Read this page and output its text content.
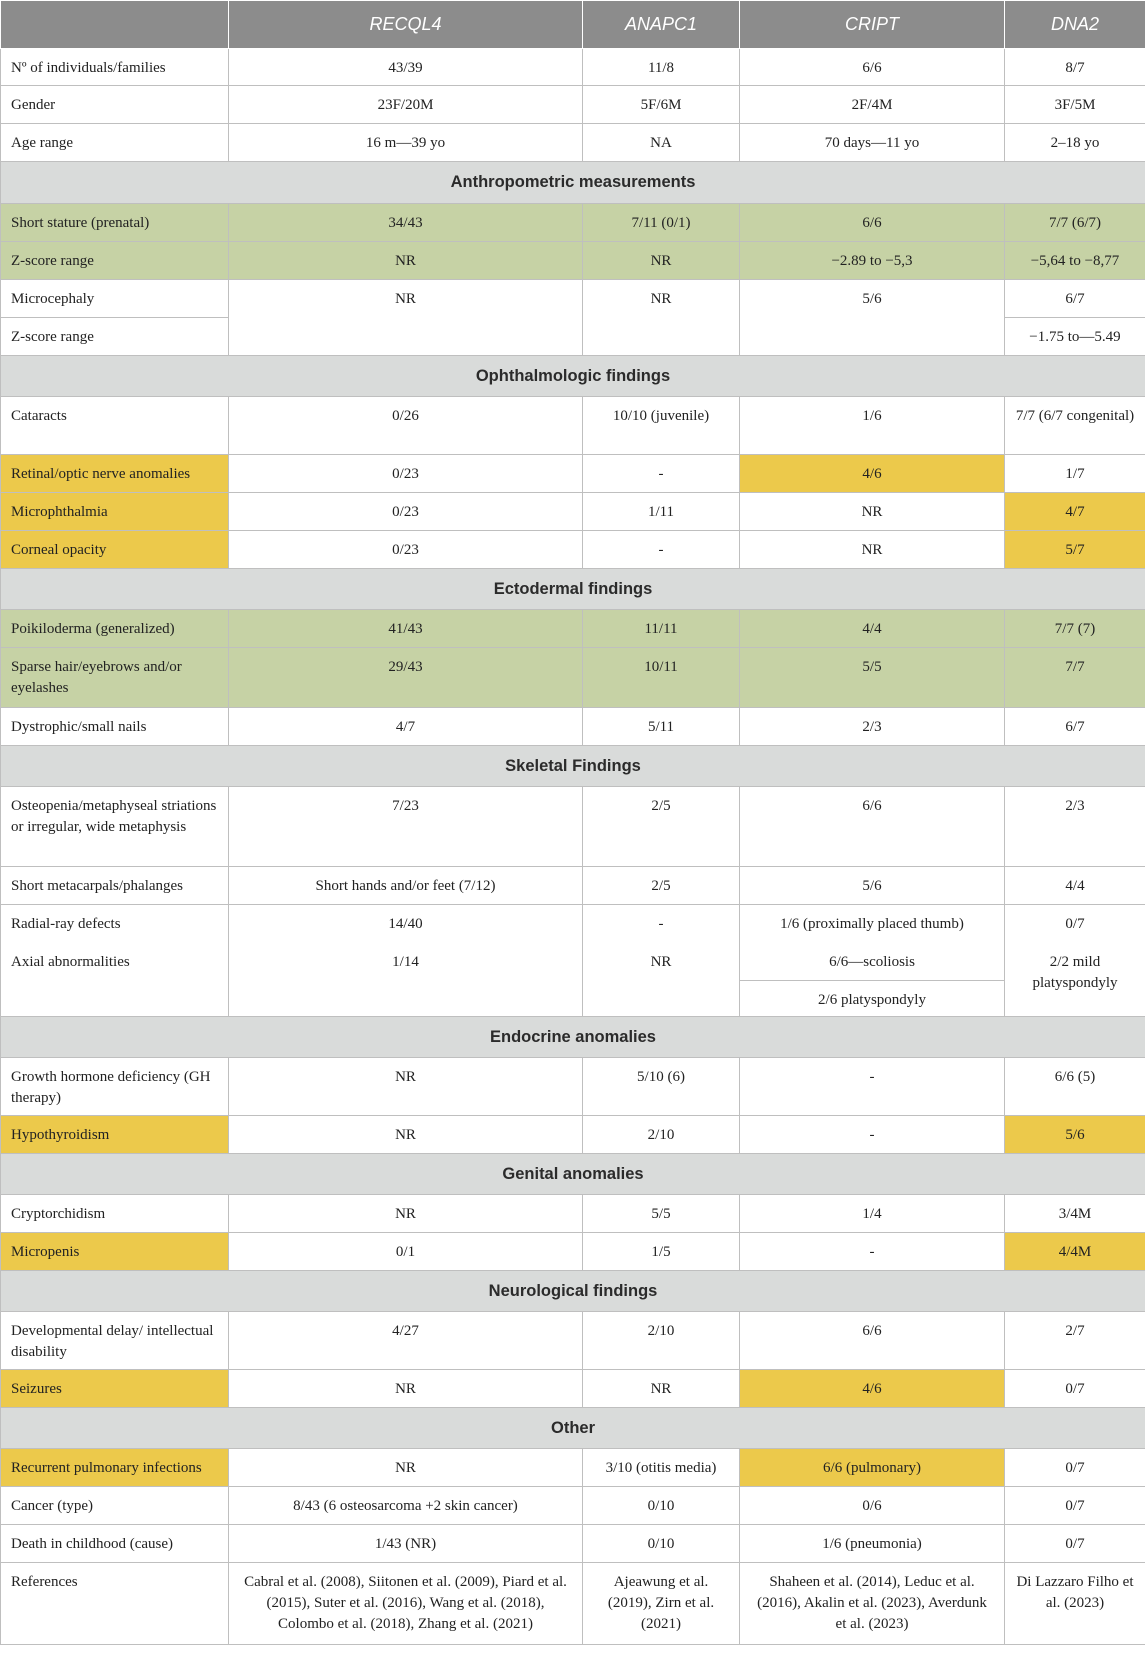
	RECQL4	ANAPC1	CRIPT	DNA2
Nº of individuals/families	43/39	11/8	6/6	8/7
Gender	23F/20M	5F/6M	2F/4M	3F/5M
Age range	16 m—39 yo	NA	70 days—11 yo	2–18 yo
Anthropometric measurements				
Short stature (prenatal)	34/43	7/11 (0/1)	6/6	7/7 (6/7)
Z-score range	NR	NR	−2.89 to −5,3	−5,64 to −8,77
Microcephaly	NR	NR	5/6	6/7
Z-score range				−1.75 to—5.49
Ophthalmologic findings				
Cataracts	0/26	10/10 (juvenile)	1/6	7/7 (6/7 congenital)
Retinal/optic nerve anomalies	0/23	-	4/6	1/7
Microphthalmia	0/23	1/11	NR	4/7
Corneal opacity	0/23	-	NR	5/7
Ectodermal findings				
Poikiloderma (generalized)	41/43	11/11	4/4	7/7 (7)
Sparse hair/eyebrows and/or eyelashes	29/43	10/11	5/5	7/7
Dystrophic/small nails	4/7	5/11	2/3	6/7
Skeletal Findings				
Osteopenia/metaphyseal striations or irregular, wide metaphysis	7/23	2/5	6/6	2/3
Short metacarpals/phalanges	Short hands and/or feet (7/12)	2/5	5/6	4/4
Radial-ray defects	14/40	-	1/6 (proximally placed thumb)	0/7
Axial abnormalities	1/14	NR	6/6—scoliosis	2/2 mild platyspondyly
			2/6 platyspondyly	
Endocrine anomalies				
Growth hormone deficiency (GH therapy)	NR	5/10 (6)	-	6/6 (5)
Hypothyroidism	NR	2/10	-	5/6
Genital anomalies				
Cryptorchidism	NR	5/5	1/4	3/4M
Micropenis	0/1	1/5	-	4/4M
Neurological findings				
Developmental delay/ intellectual disability	4/27	2/10	6/6	2/7
Seizures	NR	NR	4/6	0/7
Other				
Recurrent pulmonary infections	NR	3/10 (otitis media)	6/6 (pulmonary)	0/7
Cancer (type)	8/43 (6 osteosarcoma +2 skin cancer)	0/10	0/6	0/7
Death in childhood (cause)	1/43 (NR)	0/10	1/6 (pneumonia)	0/7
References	Cabral et al. (2008), Siitonen et al. (2009), Piard et al. (2015), Suter et al. (2016), Wang et al. (2018), Colombo et al. (2018), Zhang et al. (2021)	Ajeawung et al. (2019), Zirn et al. (2021)	Shaheen et al. (2014), Leduc et al. (2016), Akalin et al. (2023), Averdunk et al. (2023)	Di Lazzaro Filho et al. (2023)
